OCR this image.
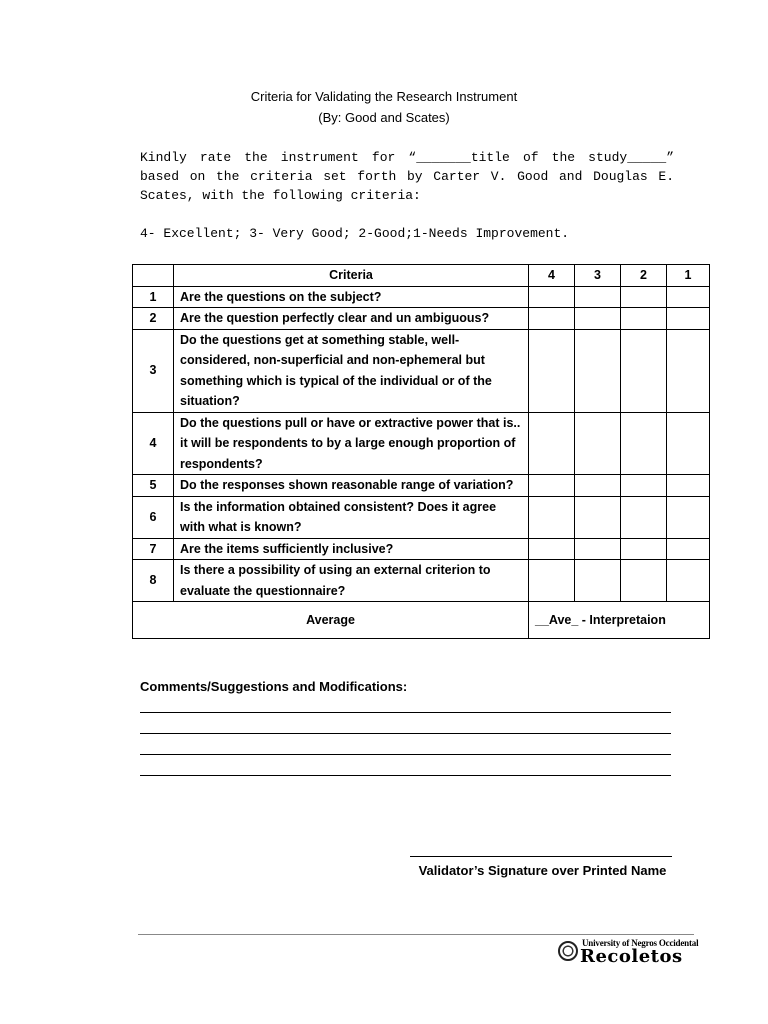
Criteria for Validating the Research Instrument
(By: Good and Scates)
Kindly rate the instrument for “_______title of the study_____” based on the criteria set forth by Carter V. Good and Douglas E. Scates, with the following criteria:
4- Excellent; 3- Very Good; 2-Good;1-Needs Improvement.
	Criteria	4	3	2	1
1	Are the questions on the subject?				
2	Are the question perfectly clear and un ambiguous?				
3	Do the questions get at something stable, well-considered, non-superficial and non-ephemeral but something which is typical of the individual or of the situation?				
4	Do the questions pull or have or extractive power that is.. it will be respondents to by a large enough proportion of respondents?				
5	Do the responses shown reasonable range of variation?				
6	Is the information obtained consistent? Does it agree with what is known?				
7	Are the items sufficiently inclusive?				
8	Is there a possibility of using an external criterion to evaluate the questionnaire?				
Average		__Ave_ - Interpretaion			
Comments/Suggestions and Modifications:
Validator’s Signature over Printed Name
University of Negros Occidental
Recoletos
